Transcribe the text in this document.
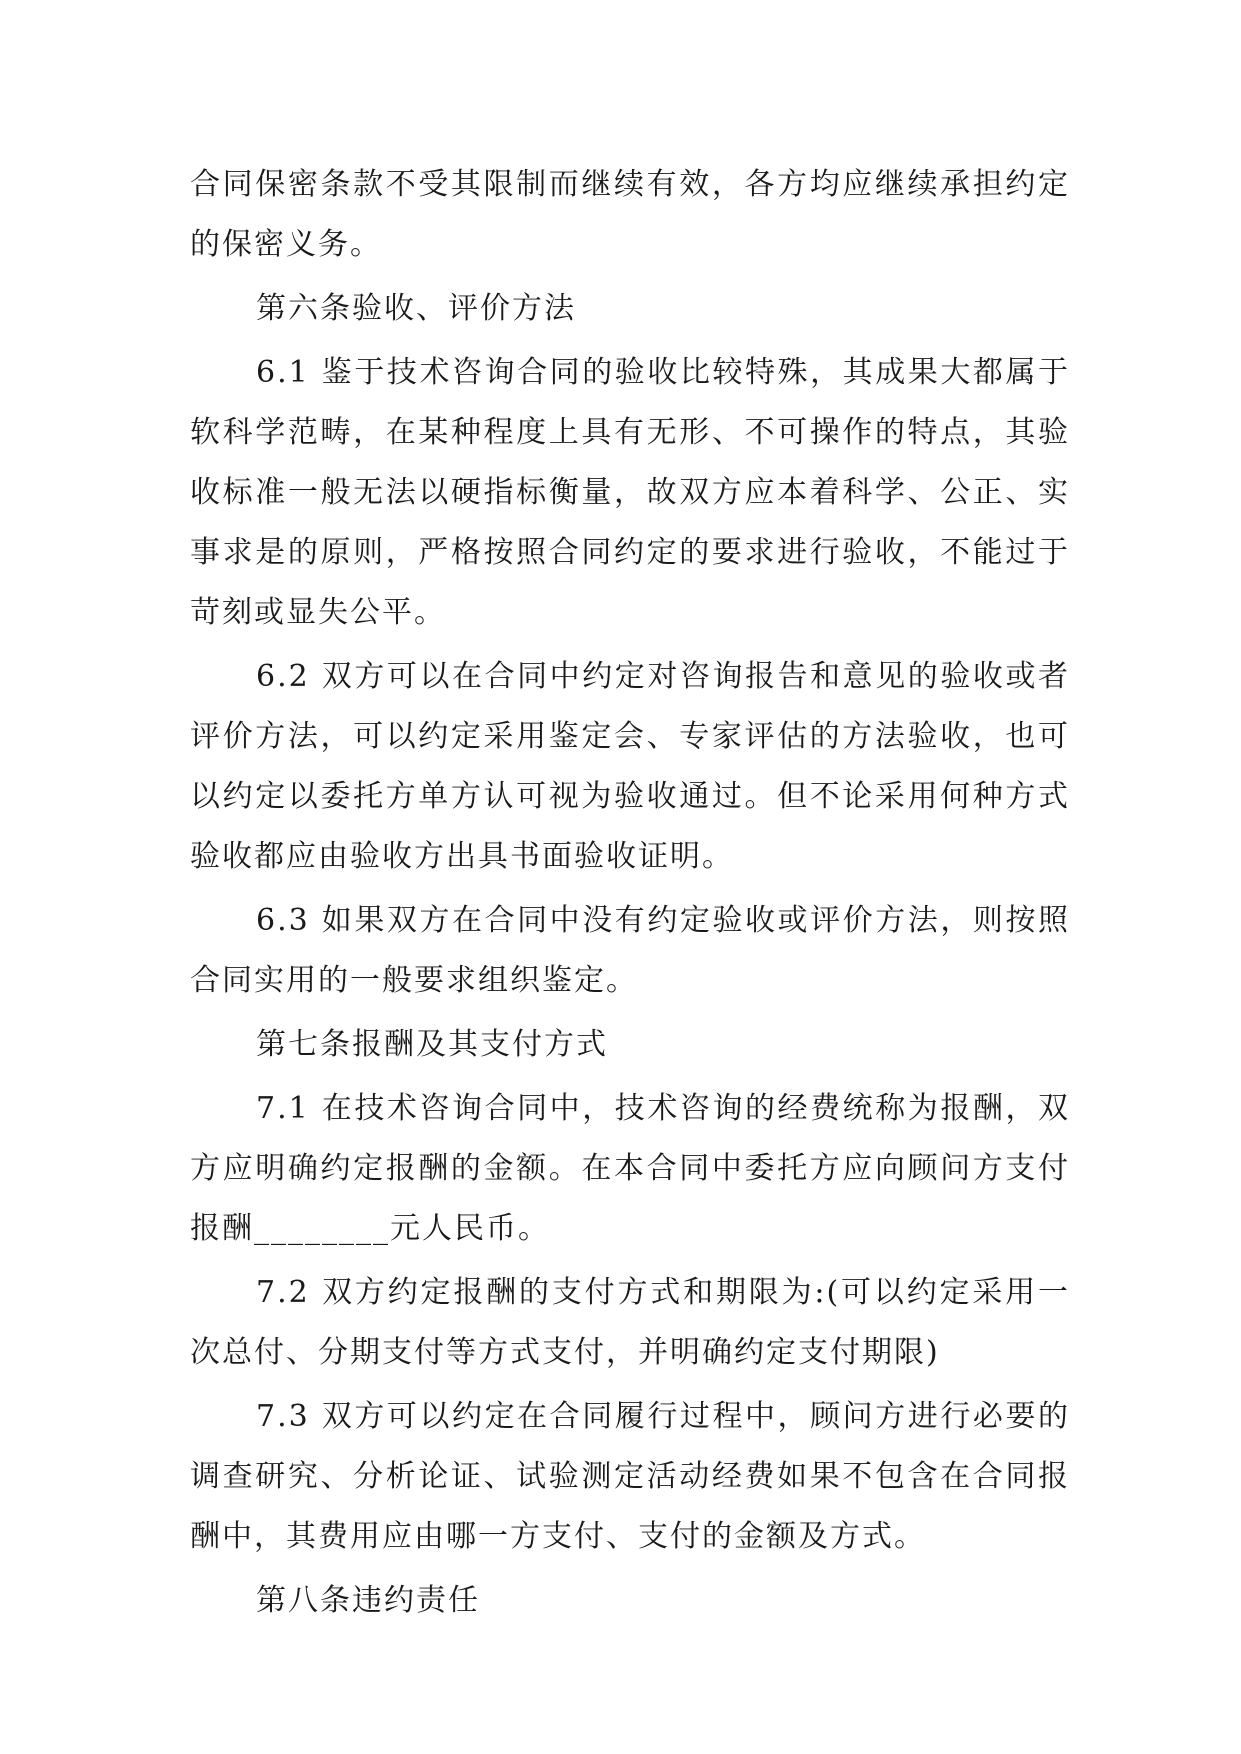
合同保密条款不受其限制而继续有效，各方均应继续承担约定的保密义务。

第六条验收、评价方法

6.1 鉴于技术咨询合同的验收比较特殊，其成果大都属于软科学范畴，在某种程度上具有无形、不可操作的特点，其验收标准一般无法以硬指标衡量，故双方应本着科学、公正、实事求是的原则，严格按照合同约定的要求进行验收，不能过于苛刻或显失公平。

6.2 双方可以在合同中约定对咨询报告和意见的验收或者评价方法，可以约定采用鉴定会、专家评估的方法验收，也可以约定以委托方单方认可视为验收通过。但不论采用何种方式验收都应由验收方出具书面验收证明。

6.3 如果双方在合同中没有约定验收或评价方法，则按照合同实用的一般要求组织鉴定。

第七条报酬及其支付方式

7.1 在技术咨询合同中，技术咨询的经费统称为报酬，双方应明确约定报酬的金额。在本合同中委托方应向顾问方支付报酬________元人民币。

7.2 双方约定报酬的支付方式和期限为:(可以约定采用一次总付、分期支付等方式支付，并明确约定支付期限)

7.3 双方可以约定在合同履行过程中，顾问方进行必要的调查研究、分析论证、试验测定活动经费如果不包含在合同报酬中，其费用应由哪一方支付、支付的金额及方式。

第八条违约责任
